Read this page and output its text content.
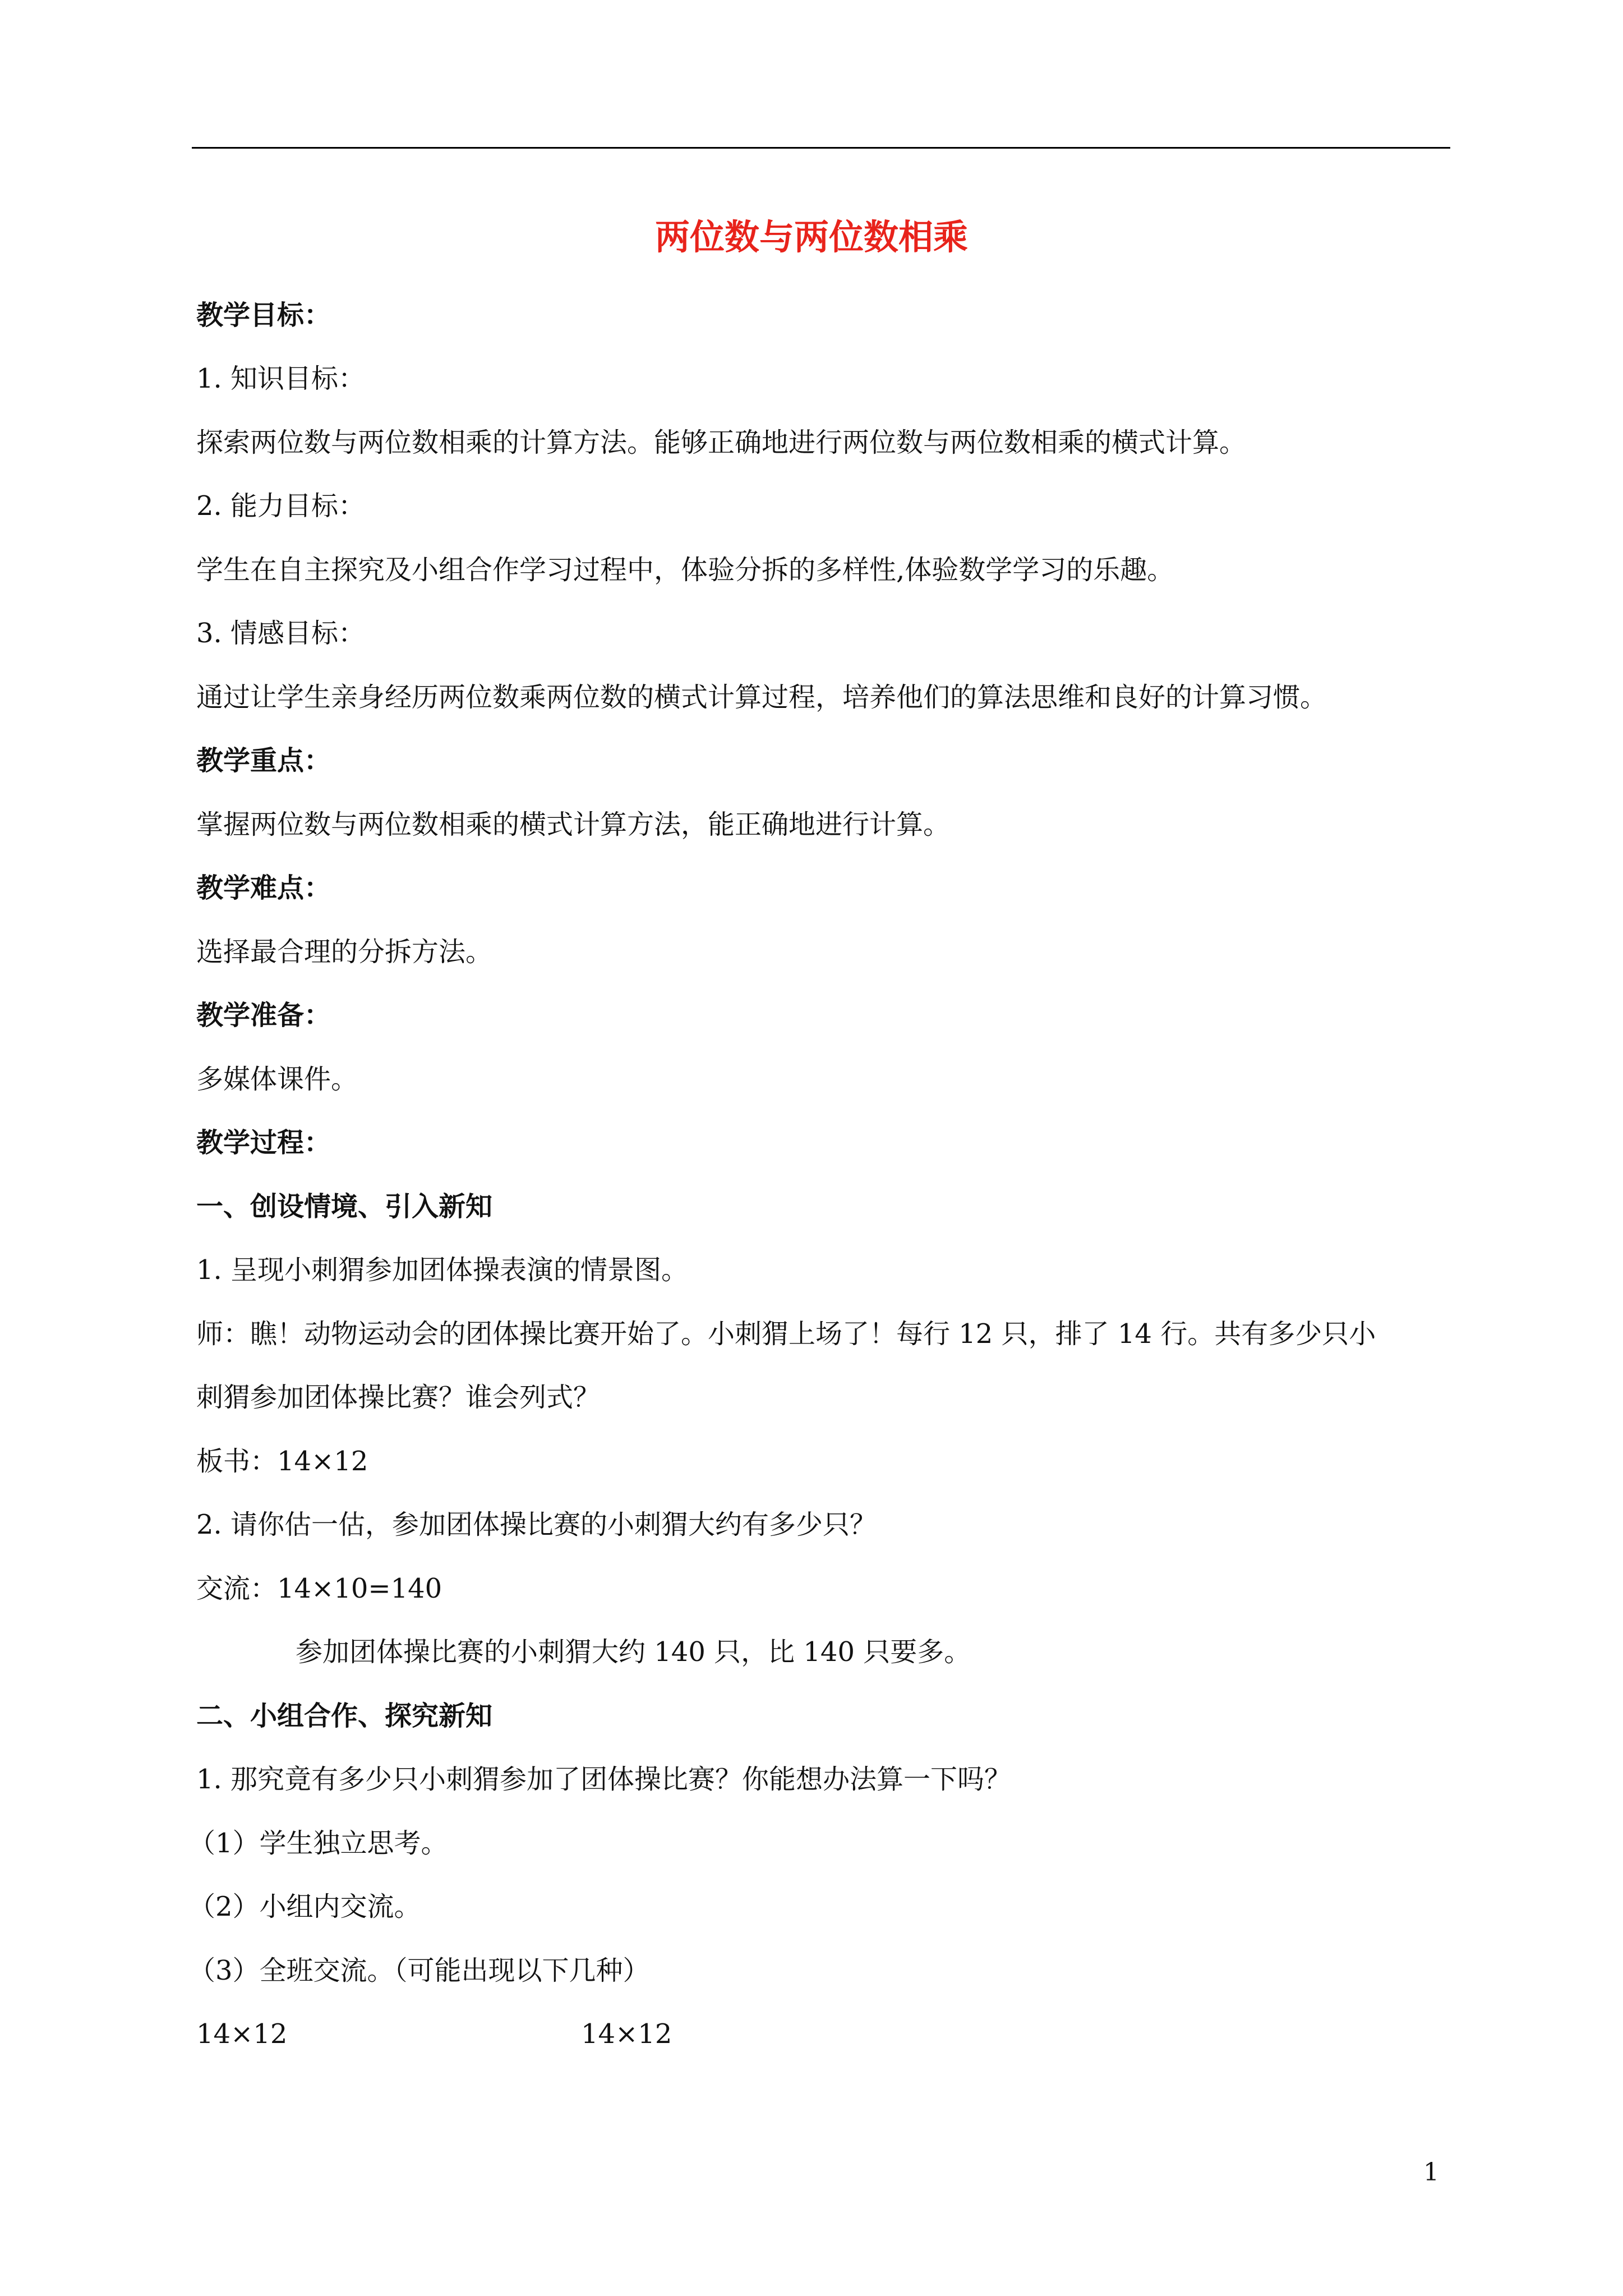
两位数与两位数相乘
教学目标：
1. 知识目标：
探索两位数与两位数相乘的计算方法。能够正确地进行两位数与两位数相乘的横式计算。
2. 能力目标：
学生在自主探究及小组合作学习过程中，体验分拆的多样性,体验数学学习的乐趣。
3. 情感目标：
通过让学生亲身经历两位数乘两位数的横式计算过程，培养他们的算法思维和良好的计算习惯。
教学重点：
掌握两位数与两位数相乘的横式计算方法，能正确地进行计算。
教学难点：
选择最合理的分拆方法。
教学准备：
多媒体课件。
教学过程：
一、创设情境、引入新知
1. 呈现小刺猬参加团体操表演的情景图。
师：瞧！动物运动会的团体操比赛开始了。小刺猬上场了！每行 12 只，排了 14 行。共有多少只小
刺猬参加团体操比赛？谁会列式？
板书：14×12
2. 请你估一估，参加团体操比赛的小刺猬大约有多少只？
交流：14×10=140
参加团体操比赛的小刺猬大约 140 只，比 140 只要多。
二、小组合作、探究新知
1. 那究竟有多少只小刺猬参加了团体操比赛？你能想办法算一下吗？
（1）学生独立思考。
（2）小组内交流。
（3）全班交流。（可能出现以下几种）
14×12	14×12
1
